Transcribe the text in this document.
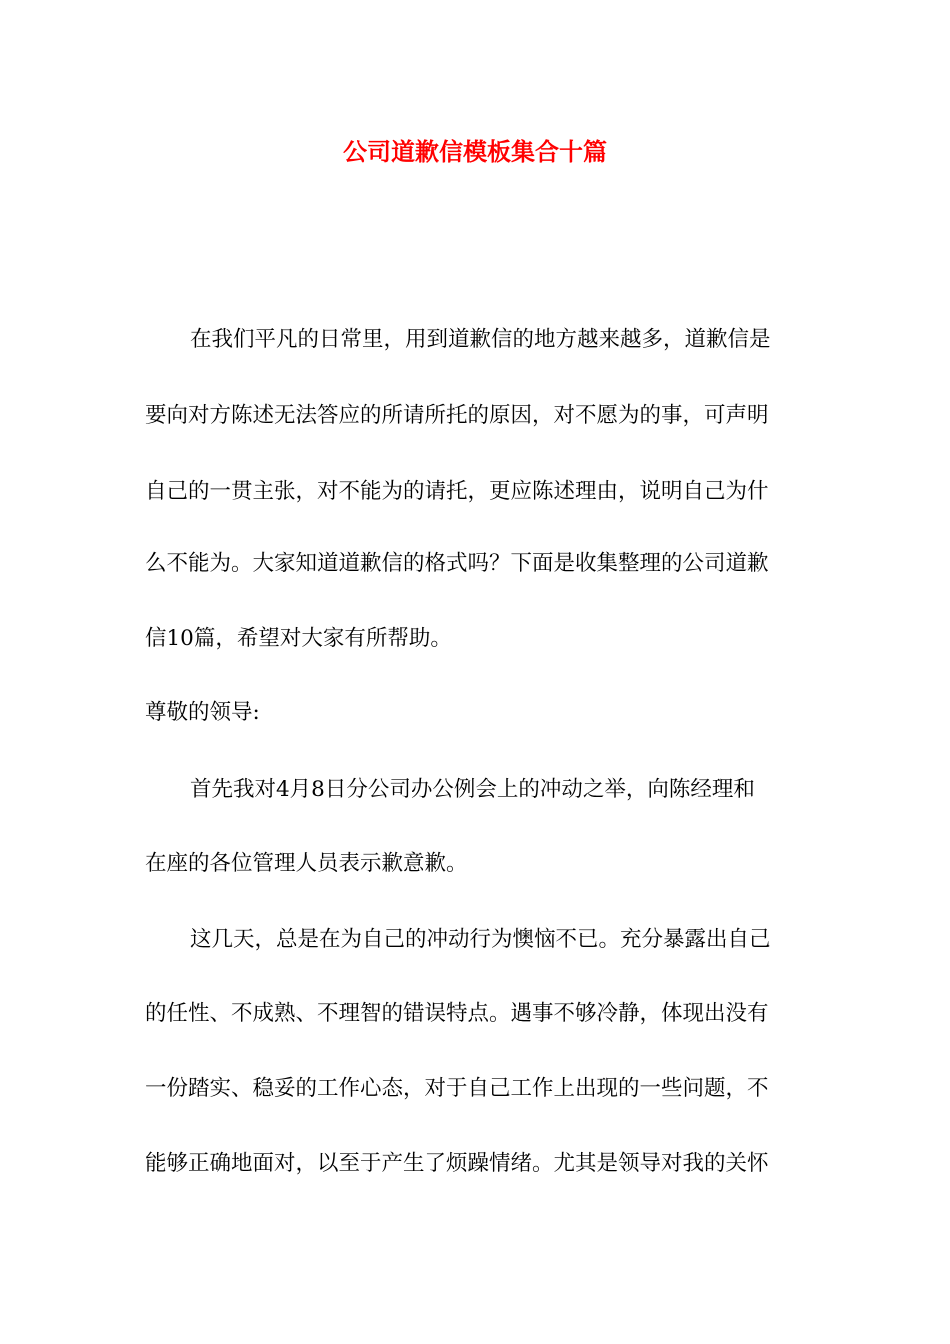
公司道歉信模板集合十篇

在我们平凡的日常里，用到道歉信的地方越来越多，道歉信是

要向对方陈述无法答应的所请所托的原因，对不愿为的事，可声明

自己的一贯主张，对不能为的请托，更应陈述理由，说明自己为什

么不能为。大家知道道歉信的格式吗？下面是收集整理的公司道歉

信10篇，希望对大家有所帮助。

尊敬的领导:

首先我对4月8日分公司办公例会上的冲动之举，向陈经理和

在座的各位管理人员表示歉意歉。

这几天，总是在为自己的冲动行为懊恼不已。充分暴露出自己

的任性、不成熟、不理智的错误特点。遇事不够冷静，体现出没有

一份踏实、稳妥的工作心态，对于自己工作上出现的一些问题，不

能够正确地面对，以至于产生了烦躁情绪。尤其是领导对我的关怀
